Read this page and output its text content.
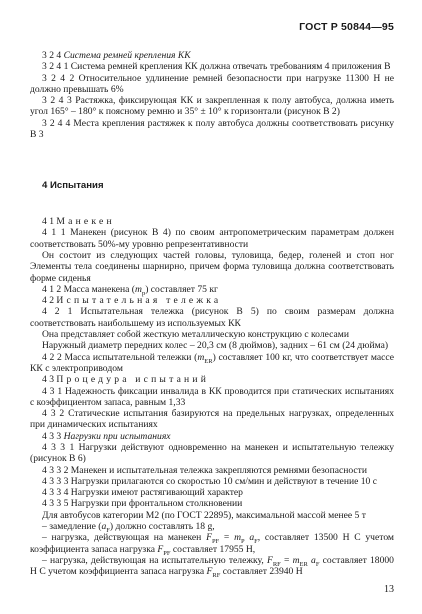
ГОСТ Р 50844—95

3 2 4 Система ремней крепления КК

3 2 4 1 Система ремней крепления КК должна отвечать требованиям 4 приложения В

3 2 4 2 Относительное удлинение ремней безопасности при нагрузке 11300 Н не должно превышать 6%

3 2 4 3 Растяжка, фиксирующая КК и закрепленная к полу автобуса, должна иметь угол 165° – 180° к поясному ремню и 35° ± 10° к горизонтали (рисунок В 2)

3 2 4 4 Места крепления растяжек к полу автобуса должны соответствовать рисунку В 3

4 Испытания

4 1 Манекен

4 1 1 Манекен (рисунок В 4) по своим антропометрическим параметрам должен соответствовать 50%-му уровню репрезентативности

Он состоит из следующих частей головы, туловища, бедер, голеней и стоп ног Элементы тела соединены шарнирно, причем форма туловища должна соответствовать форме сиденья

4 1 2 Масса манекена $(m_р)$ составляет 75 кг

4 2 Испытательная тележка

4 2 1 Испытательная тележка (рисунок В 5) по своим размерам должна соответствовать наибольшему из используемых КК

Она представляет собой жесткую металлическую конструкцию с колесами

Наружный диаметр передних колес – 20,3 см (8 дюймов), задних – 61 см (24 дюйма)

4 2 2 Масса испытательной тележки $(m_{ER})$ составляет 100 кг, что соответствует массе КК с электроприводом

4 3 Процедура испытаний

4 3 1 Надежность фиксации инвалида в КК проводится при статических испытаниях с коэффициентом запаса, равным 1,33

4 3 2 Статические испытания базируются на предельных нагрузках, определенных при динамических испытаниях

4 3 3 Нагрузки при испытаниях

4 3 3 1 Нагрузки действуют одновременно на манекен и испытательную тележку (рисунок В 6)

4 3 3 2 Манекен и испытательная тележка закрепляются ремнями безопасности

4 3 3 3 Нагрузки прилагаются со скоростью 10 см/мин и действуют в течение 10 с

4 3 3 4 Нагрузки имеют растягивающий характер

4 3 3 5 Нагрузки при фронтальном столкновении

Для автобусов категории М2 (по ГОСТ 22895), максимальной массой менее 5 т

– замедление $(a_F)$ должно составлять 18 g,

– нагрузка, действующая на манекен $F_{PF} = m_P$ $a_F$, составляет 13500 Н С учетом коэффициента запаса нагрузка $F_{PF}$ составляет 17955 Н,

– нагрузка, действующая на испытательную тележку, $F_{RF} = m_{ER}$ $a_F$ составляет 18000 Н С учетом коэффициента запаса нагрузка $F_{RF}$ составляет 23940 Н

13
